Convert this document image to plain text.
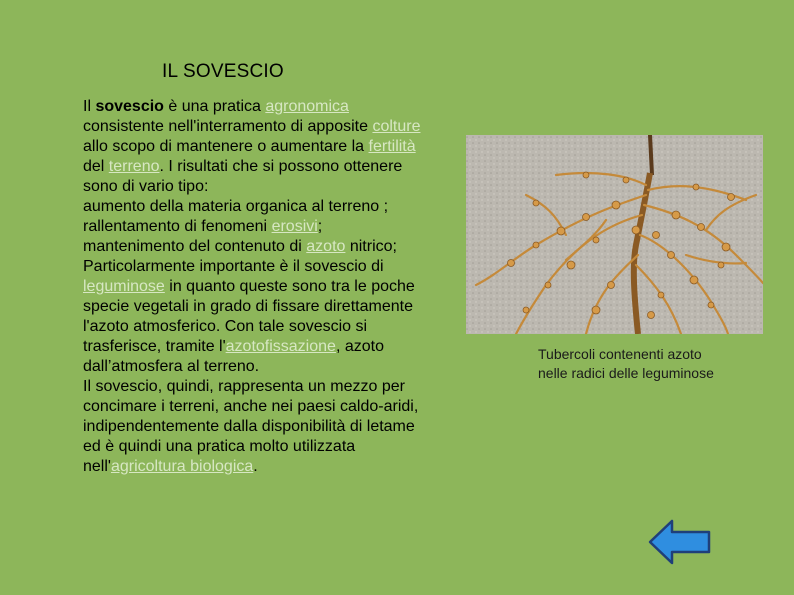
IL SOVESCIO
Il sovescio è una pratica agronomica
consistente nell'interramento di apposite colture
allo scopo di mantenere o aumentare la fertilità
del terreno. I risultati che si possono ottenere
sono di vario tipo:
aumento della materia organica al terreno ;
rallentamento di fenomeni erosivi;
mantenimento del contenuto di azoto nitrico;
Particolarmente importante è il sovescio di
leguminose in quanto queste sono tra le poche
specie vegetali in grado di fissare direttamente
l'azoto atmosferico. Con tale sovescio si
trasferisce, tramite l'azotofissazione, azoto
dall’atmosfera al terreno.
Il sovescio, quindi, rappresenta un mezzo per
concimare i terreni, anche nei paesi caldo-aridi,
indipendentemente dalla disponibilità di letame
ed è quindi una pratica molto utilizzata
nell'agricoltura biologica.
Tubercoli contenenti azoto
nelle radici delle leguminose
